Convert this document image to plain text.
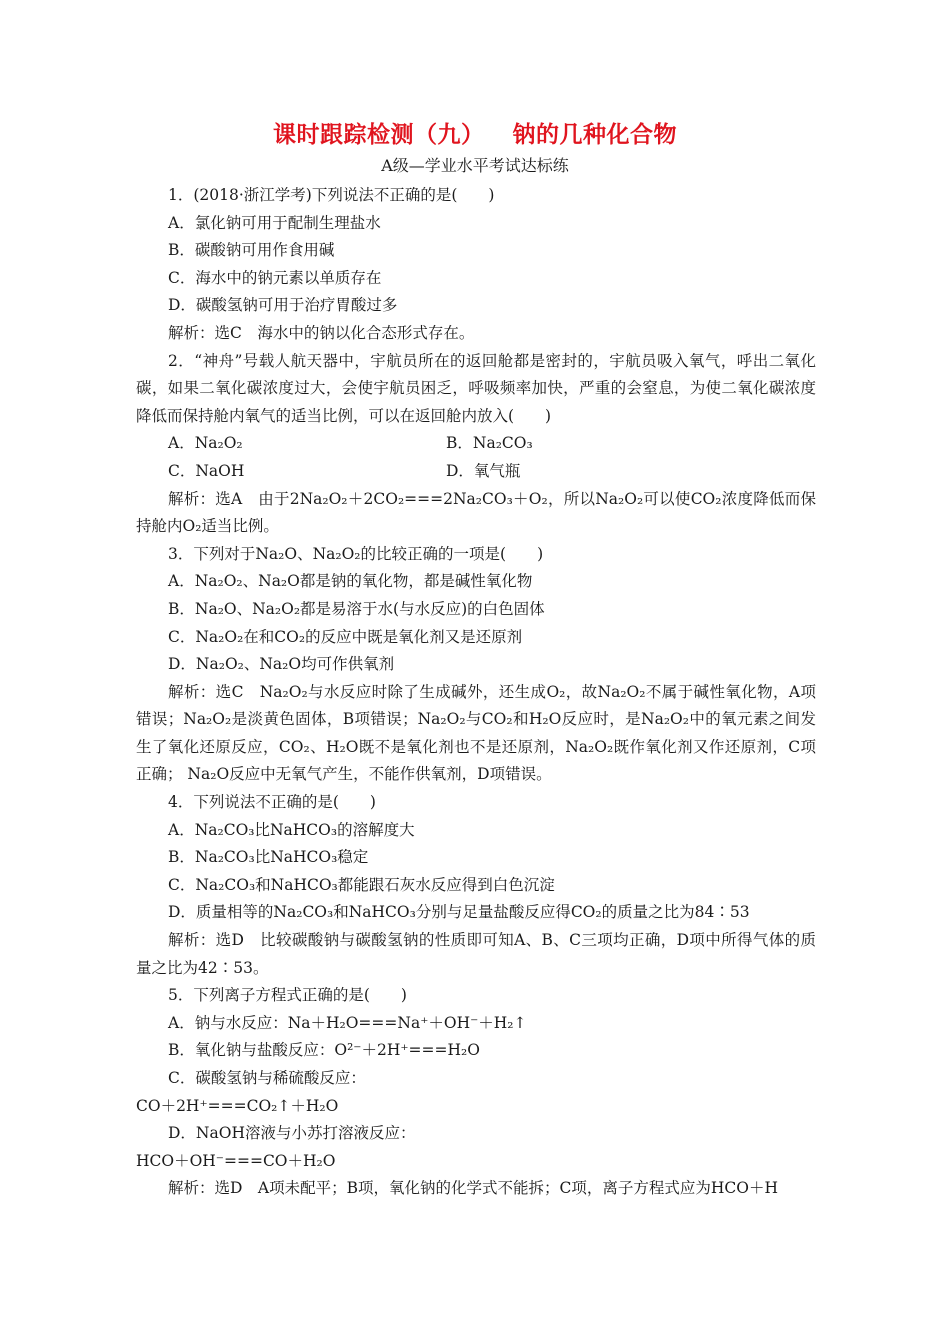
课时跟踪检测（九） 钠的几种化合物
A级—学业水平考试达标练

1．(2018·浙江学考)下列说法不正确的是(　　)

A．氯化钠可用于配制生理盐水

B．碳酸钠可用作食用碱

C．海水中的钠元素以单质存在

D．碳酸氢钠可用于治疗胃酸过多

解析：选C　海水中的钠以化合态形式存在。

2．“神舟”号载人航天器中，宇航员所在的返回舱都是密封的，宇航员吸入氧气，呼出二氧化碳，如果二氧化碳浓度过大，会使宇航员困乏，呼吸频率加快，严重的会窒息，为使二氧化碳浓度降低而保持舱内氧气的适当比例，可以在返回舱内放入(　　)

A．Na₂O₂	B．Na₂CO₃
C．NaOH	D．氧气瓶

解析：选A　由于2Na₂O₂＋2CO₂===2Na₂CO₃＋O₂，所以Na₂O₂可以使CO₂浓度降低而保持舱内O₂适当比例。

3．下列对于Na₂O、Na₂O₂的比较正确的一项是(　　)

A．Na₂O₂、Na₂O都是钠的氧化物，都是碱性氧化物

B．Na₂O、Na₂O₂都是易溶于水(与水反应)的白色固体

C．Na₂O₂在和CO₂的反应中既是氧化剂又是还原剂

D．Na₂O₂、Na₂O均可作供氧剂

解析：选C　Na₂O₂与水反应时除了生成碱外，还生成O₂，故Na₂O₂不属于碱性氧化物，A项错误；Na₂O₂是淡黄色固体，B项错误；Na₂O₂与CO₂和H₂O反应时，是Na₂O₂中的氧元素之间发生了氧化还原反应，CO₂、H₂O既不是氧化剂也不是还原剂，Na₂O₂既作氧化剂又作还原剂，C项正确； Na₂O反应中无氧气产生，不能作供氧剂，D项错误。

4．下列说法不正确的是(　　)

A．Na₂CO₃比NaHCO₃的溶解度大

B．Na₂CO₃比NaHCO₃稳定

C．Na₂CO₃和NaHCO₃都能跟石灰水反应得到白色沉淀

D．质量相等的Na₂CO₃和NaHCO₃分别与足量盐酸反应得CO₂的质量之比为84∶53

解析：选D　比较碳酸钠与碳酸氢钠的性质即可知A、B、C三项均正确，D项中所得气体的质量之比为42∶53。

5．下列离子方程式正确的是(　　)

A．钠与水反应：Na＋H₂O===Na⁺＋OH⁻＋H₂↑

B．氧化钠与盐酸反应：O²⁻＋2H⁺===H₂O

C．碳酸氢钠与稀硫酸反应：

CO＋2H⁺===CO₂↑＋H₂O

D．NaOH溶液与小苏打溶液反应：

HCO＋OH⁻===CO＋H₂O

解析：选D　A项未配平；B项，氧化钠的化学式不能拆；C项，离子方程式应为HCO＋H
